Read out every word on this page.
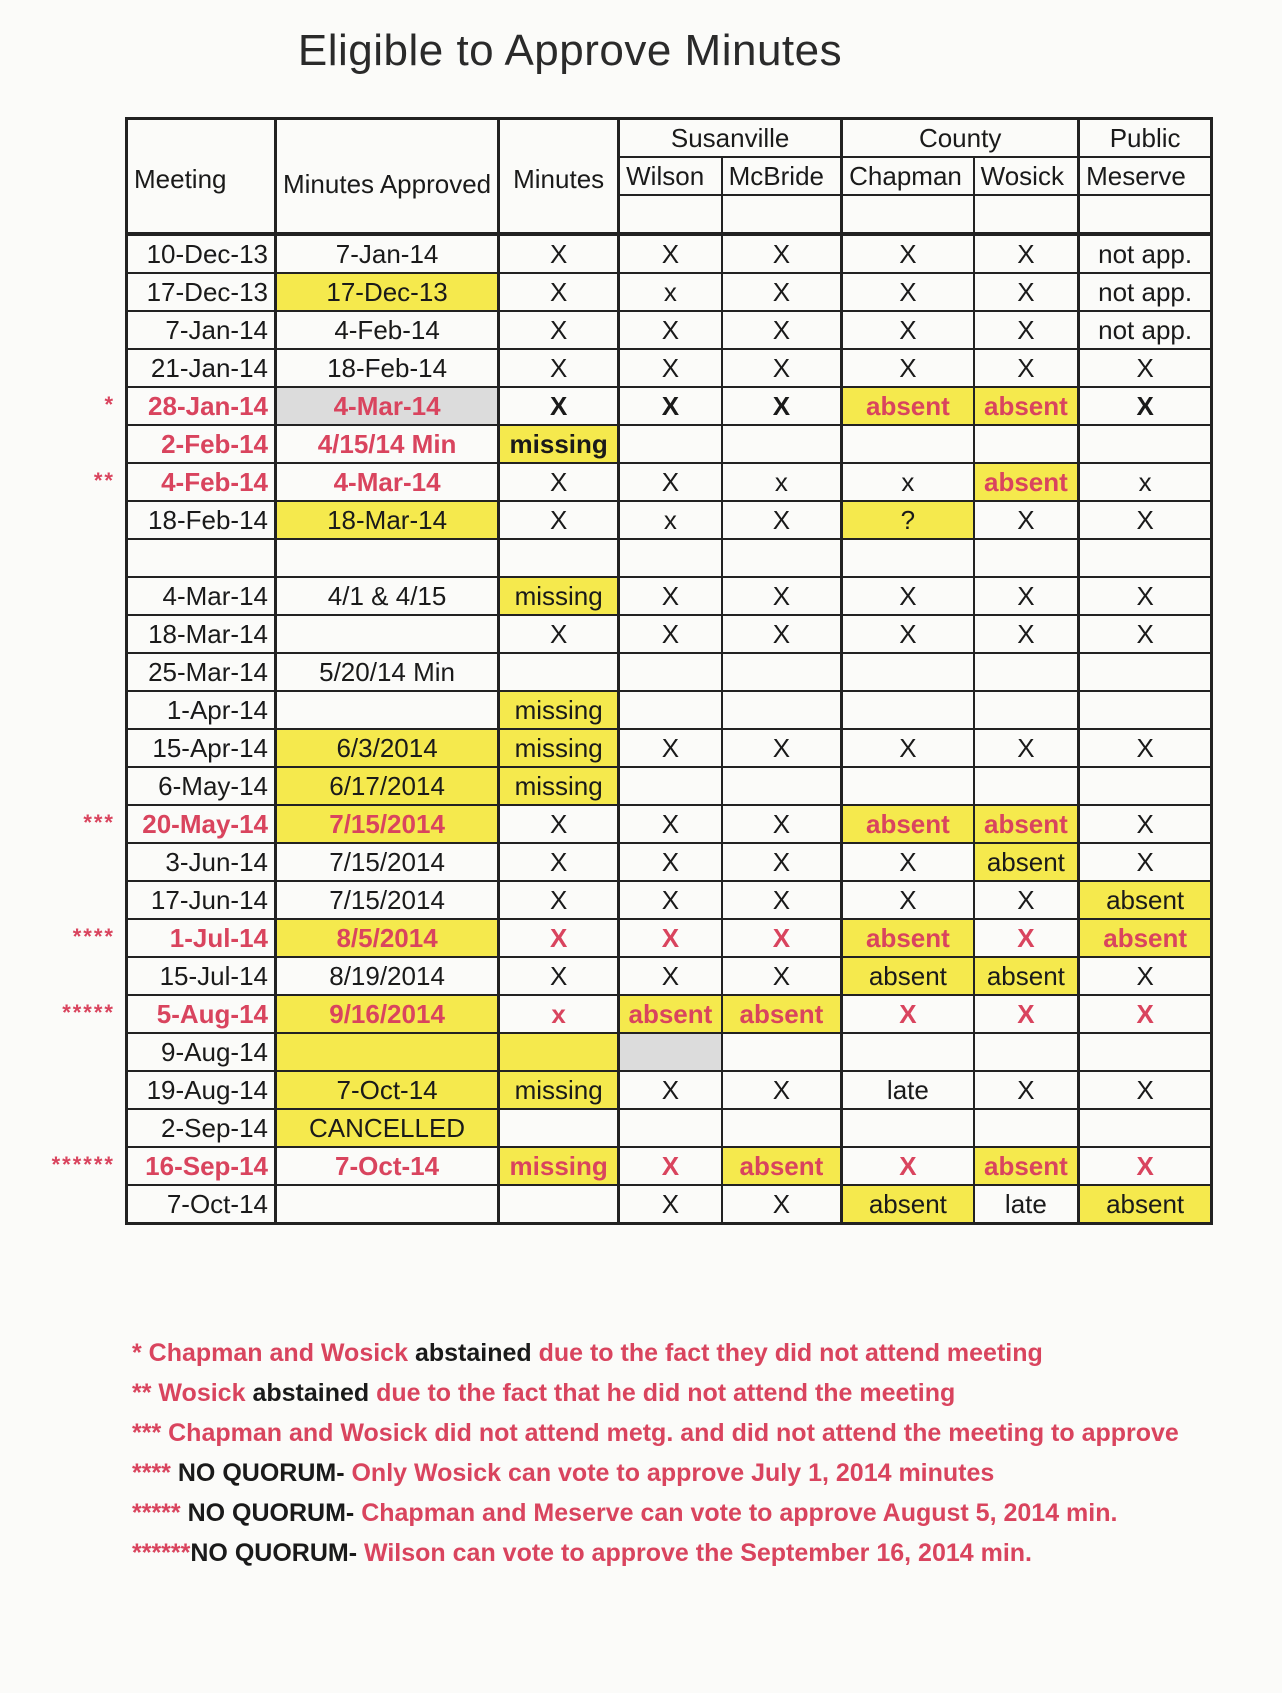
Eligible to Approve Minutes
*
**
***
****
*****
******
Meeting	Minutes Approved	Minutes	Susanville		County		Public
			Wilson	McBride	Chapman	Wosick	Meserve

10-Dec-13	7-Jan-14	X	X	X	X	X	not app.
17-Dec-13	17-Dec-13	X	x	X	X	X	not app.
7-Jan-14	4-Feb-14	X	X	X	X	X	not app.
21-Jan-14	18-Feb-14	X	X	X	X	X	X
28-Jan-14	4-Mar-14	X	X	X	absent	absent	X
2-Feb-14	4/15/14 Min	missing					
4-Feb-14	4-Mar-14	X	X	x	x	absent	x
18-Feb-14	18-Mar-14	X	x	X	?	X	X

4-Mar-14	4/1 & 4/15	missing	X	X	X	X	X
18-Mar-14		X	X	X	X	X	X
25-Mar-14	5/20/14 Min						
1-Apr-14		missing					
15-Apr-14	6/3/2014	missing	X	X	X	X	X
6-May-14	6/17/2014	missing					
20-May-14	7/15/2014	X	X	X	absent	absent	X
3-Jun-14	7/15/2014	X	X	X	X	absent	X
17-Jun-14	7/15/2014	X	X	X	X	X	absent
1-Jul-14	8/5/2014	X	X	X	absent	X	absent
15-Jul-14	8/19/2014	X	X	X	absent	absent	X
5-Aug-14	9/16/2014	x	absent	absent	X	X	X
9-Aug-14							
19-Aug-14	7-Oct-14	missing	X	X	late	X	X
2-Sep-14	CANCELLED						
16-Sep-14	7-Oct-14	missing	X	absent	X	absent	X
7-Oct-14			X	X	absent	late	absent
* Chapman and Wosick abstained due to the fact they did not attend meeting
** Wosick abstained due to the fact that he did not attend the meeting
*** Chapman and Wosick did not attend metg. and did not attend the meeting to approve
**** NO QUORUM- Only Wosick can vote to approve July 1, 2014 minutes
***** NO QUORUM- Chapman and Meserve can vote to approve August 5, 2014 min.
******NO QUORUM- Wilson can vote to approve the September 16, 2014 min.
